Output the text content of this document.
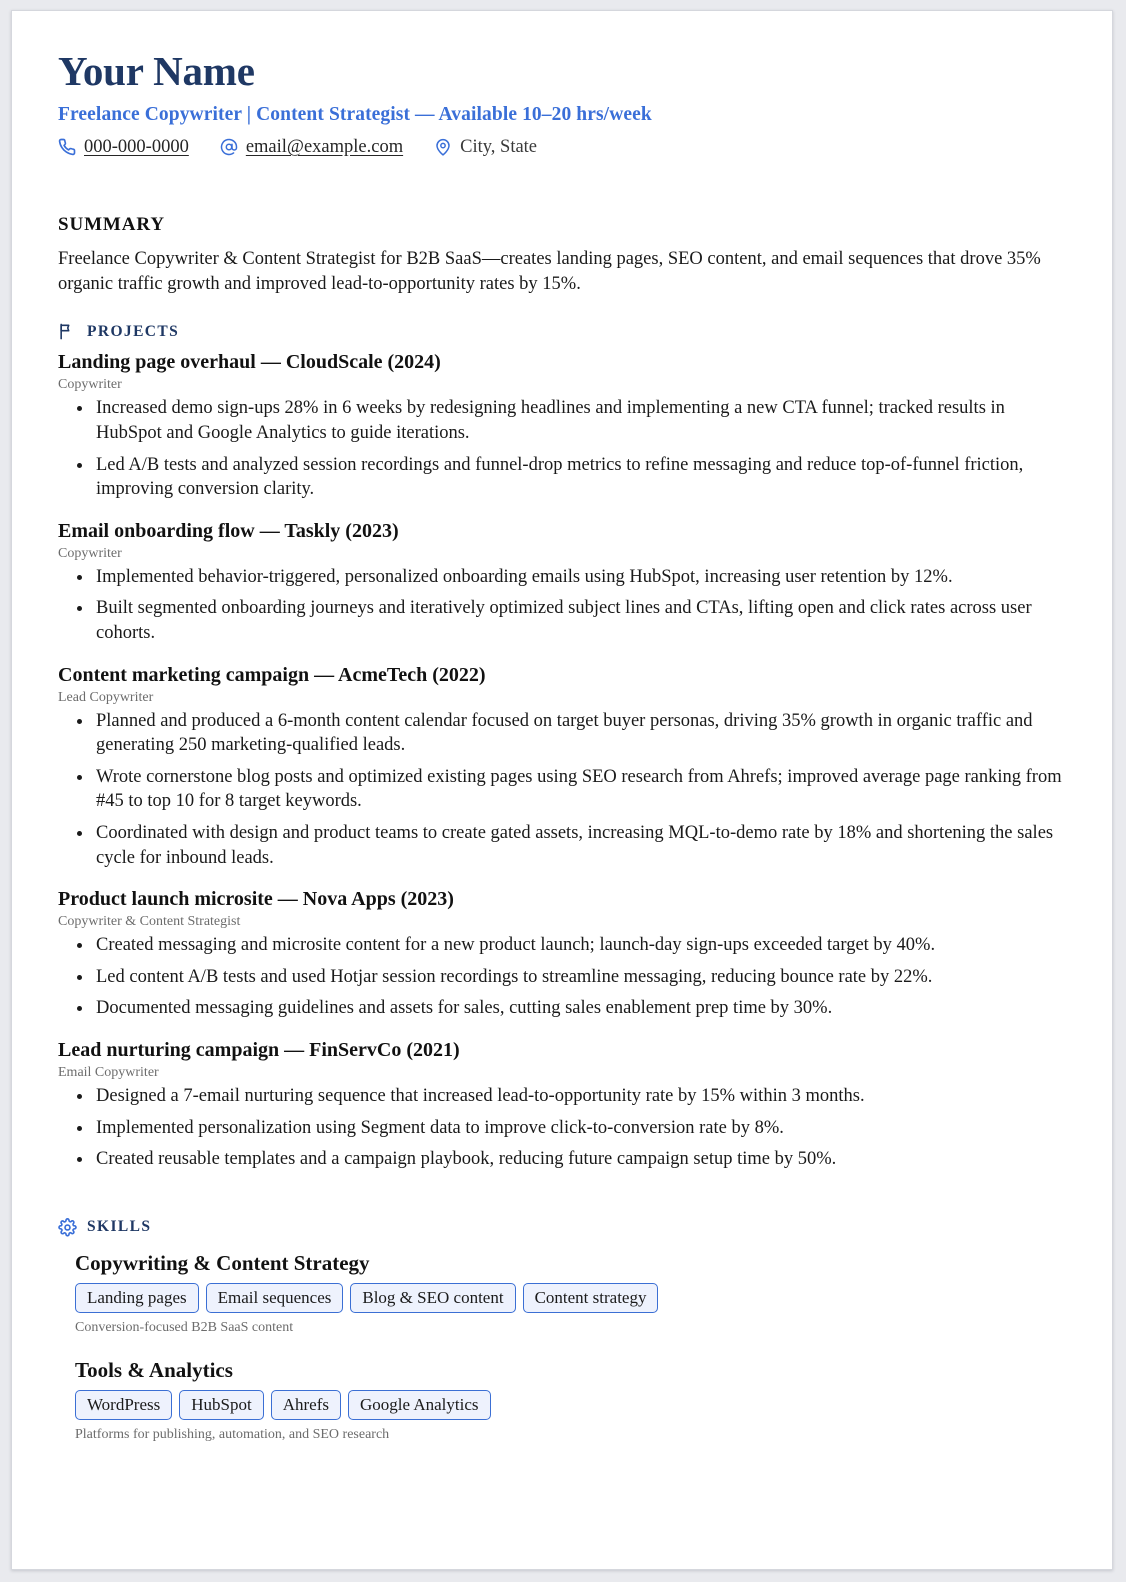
Your Name
Freelance Copywriter | Content Strategist — Available 10–20 hrs/week
000-000-0000	email@example.com	City, State
SUMMARY

Freelance Copywriter & Content Strategist for B2B SaaS—creates landing pages, SEO content, and email sequences that drove 35% organic traffic growth and improved lead-to-opportunity rates by 15%.

PROJECTS
Landing page overhaul — CloudScale (2024)
Copywriter
Increased demo sign-ups 28% in 6 weeks by redesigning headlines and implementing a new CTA funnel; tracked results in HubSpot and Google Analytics to guide iterations.
Led A/B tests and analyzed session recordings and funnel-drop metrics to refine messaging and reduce top-of-funnel friction, improving conversion clarity.
Email onboarding flow — Taskly (2023)
Copywriter
Implemented behavior-triggered, personalized onboarding emails using HubSpot, increasing user retention by 12%.
Built segmented onboarding journeys and iteratively optimized subject lines and CTAs, lifting open and click rates across user cohorts.
Content marketing campaign — AcmeTech (2022)
Lead Copywriter
Planned and produced a 6-month content calendar focused on target buyer personas, driving 35% growth in organic traffic and generating 250 marketing-qualified leads.
Wrote cornerstone blog posts and optimized existing pages using SEO research from Ahrefs; improved average page ranking from #45 to top 10 for 8 target keywords.
Coordinated with design and product teams to create gated assets, increasing MQL-to-demo rate by 18% and shortening the sales cycle for inbound leads.
Product launch microsite — Nova Apps (2023)
Copywriter & Content Strategist
Created messaging and microsite content for a new product launch; launch-day sign-ups exceeded target by 40%.
Led content A/B tests and used Hotjar session recordings to streamline messaging, reducing bounce rate by 22%.
Documented messaging guidelines and assets for sales, cutting sales enablement prep time by 30%.
Lead nurturing campaign — FinServCo (2021)
Email Copywriter
Designed a 7-email nurturing sequence that increased lead-to-opportunity rate by 15% within 3 months.
Implemented personalization using Segment data to improve click-to-conversion rate by 8%.
Created reusable templates and a campaign playbook, reducing future campaign setup time by 50%.
SKILLS
Copywriting & Content Strategy
Landing pages	Email sequences	Blog & SEO content	Content strategy
Conversion-focused B2B SaaS content
Tools & Analytics
WordPress	HubSpot	Ahrefs	Google Analytics
Platforms for publishing, automation, and SEO research
